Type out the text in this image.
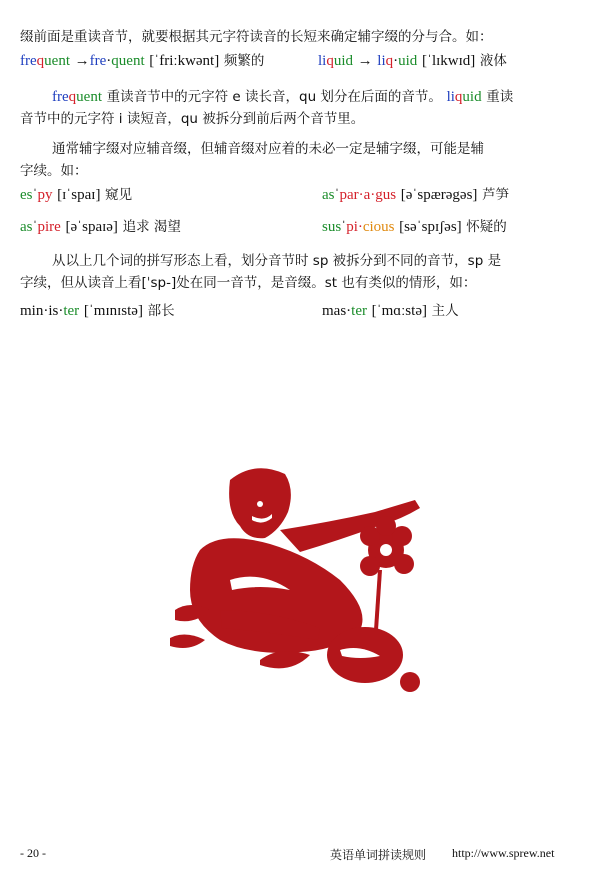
缀前面是重读音节，就要根据其元字符读音的长短来确定辅字缀的分与合。如：
frequent →fre·quent [ˈfriːkwənt] 频繁的	liquid → liq·uid [ˈlɪkwɪd] 液体
frequent 重读音节中的元字符 e 读长音，qu 划分在后面的音节。 liquid 重读
音节中的元字符 i 读短音，qu 被拆分到前后两个音节里。
通常辅字缀对应辅音缀，但辅音缀对应着的未必一定是辅字缀，可能是辅
字续。如：
esˈpy [ɪˈspaɪ] 窥见	asˈpar·a·gus [əˈspærəgəs] 芦笋
asˈpire [əˈspaɪə] 追求 渴望	susˈpi·cious [səˈspɪʃəs] 怀疑的
从以上几个词的拼写形态上看，划分音节时 sp 被拆分到不同的音节，sp 是
字续，但从读音上看[ˈsp-]处在同一音节，是音缀。st 也有类似的情形，如：
min·is·ter [ˈmɪnɪstə] 部长	mas·ter [ˈmɑːstə] 主人
- 20 -	英语单词拼读规则 http://www.sprew.net
